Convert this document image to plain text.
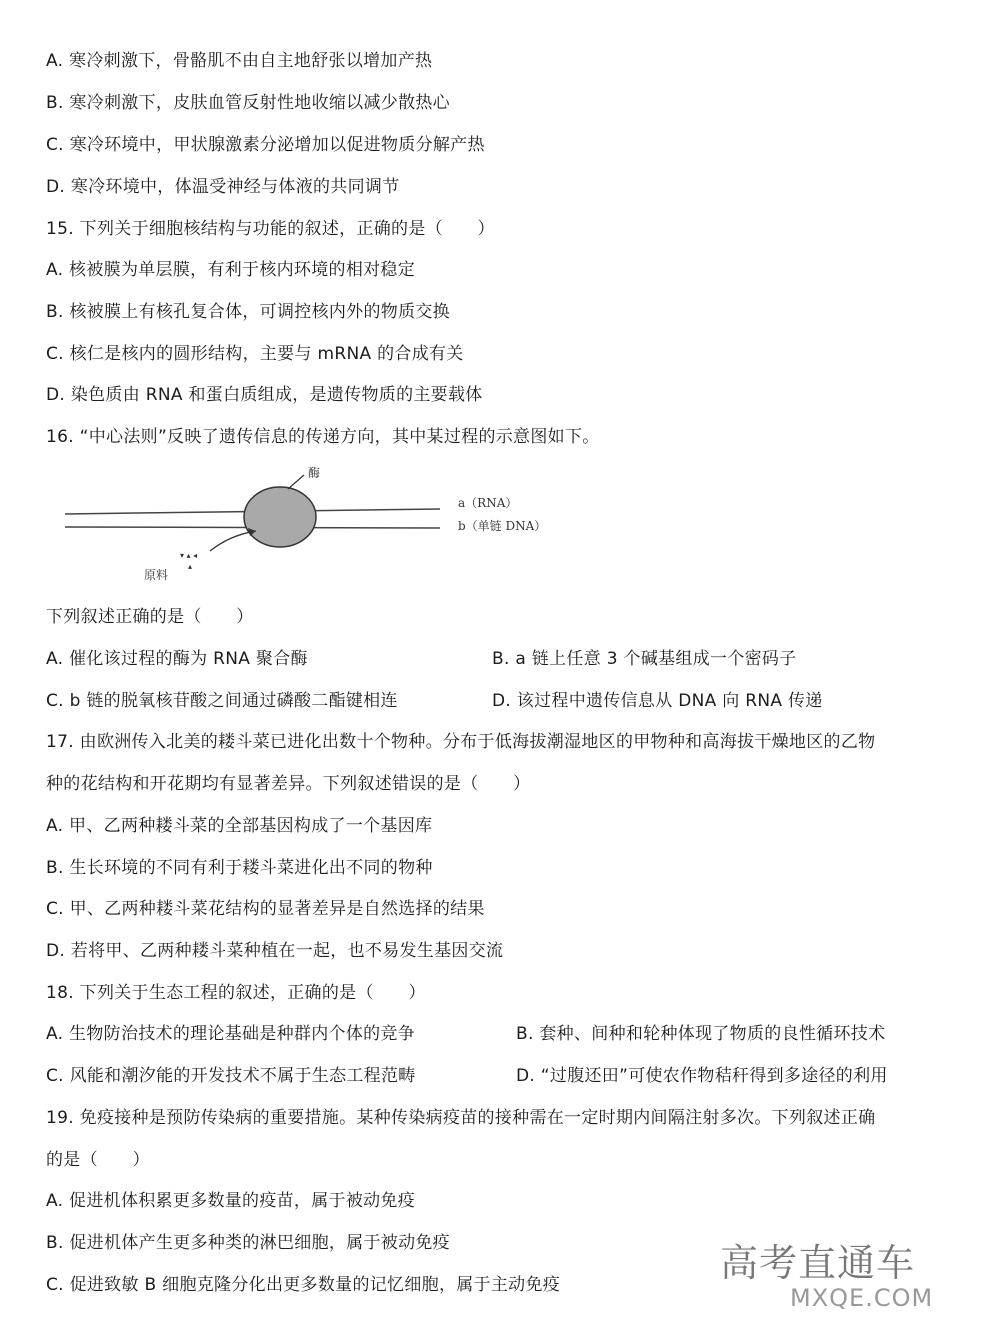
A. 寒冷刺激下，骨骼肌不由自主地舒张以增加产热
B. 寒冷刺激下，皮肤血管反射性地收缩以减少散热心
C. 寒冷环境中，甲状腺激素分泌增加以促进物质分解产热
D. 寒冷环境中，体温受神经与体液的共同调节
15. 下列关于细胞核结构与功能的叙述，正确的是（　　）
A. 核被膜为单层膜，有利于核内环境的相对稳定
B. 核被膜上有核孔复合体，可调控核内外的物质交换
C. 核仁是核内的圆形结构，主要与 mRNA 的合成有关
D. 染色质由 RNA 和蛋白质组成，是遗传物质的主要载体
16. “中心法则”反映了遗传信息的传递方向，其中某过程的示意图如下。
酶
a（RNA）
b（单链 DNA）
▾ ▴ ◂
▴
原料
下列叙述正确的是（　　）
A. 催化该过程的酶为 RNA 聚合酶	B. a 链上任意 3 个碱基组成一个密码子
C. b 链的脱氧核苷酸之间通过磷酸二酯键相连	D. 该过程中遗传信息从 DNA 向 RNA 传递
17. 由欧洲传入北美的耧斗菜已进化出数十个物种。分布于低海拔潮湿地区的甲物种和高海拔干燥地区的乙物
种的花结构和开花期均有显著差异。下列叙述错误的是（　　）
A. 甲、乙两种耧斗菜的全部基因构成了一个基因库
B. 生长环境的不同有利于耧斗菜进化出不同的物种
C. 甲、乙两种耧斗菜花结构的显著差异是自然选择的结果
D. 若将甲、乙两种耧斗菜种植在一起，也不易发生基因交流
18. 下列关于生态工程的叙述，正确的是（　　）
A. 生物防治技术的理论基础是种群内个体的竞争	B. 套种、间种和轮种体现了物质的良性循环技术
C. 风能和潮汐能的开发技术不属于生态工程范畴	D. “过腹还田”可使农作物秸秆得到多途径的利用
19. 免疫接种是预防传染病的重要措施。某种传染病疫苗的接种需在一定时期内间隔注射多次。下列叙述正确
的是（　　）
A. 促进机体积累更多数量的疫苗，属于被动免疫
B. 促进机体产生更多种类的淋巴细胞，属于被动免疫
C. 促进致敏 B 细胞克隆分化出更多数量的记忆细胞，属于主动免疫	高考直通车
MXQE.COM
